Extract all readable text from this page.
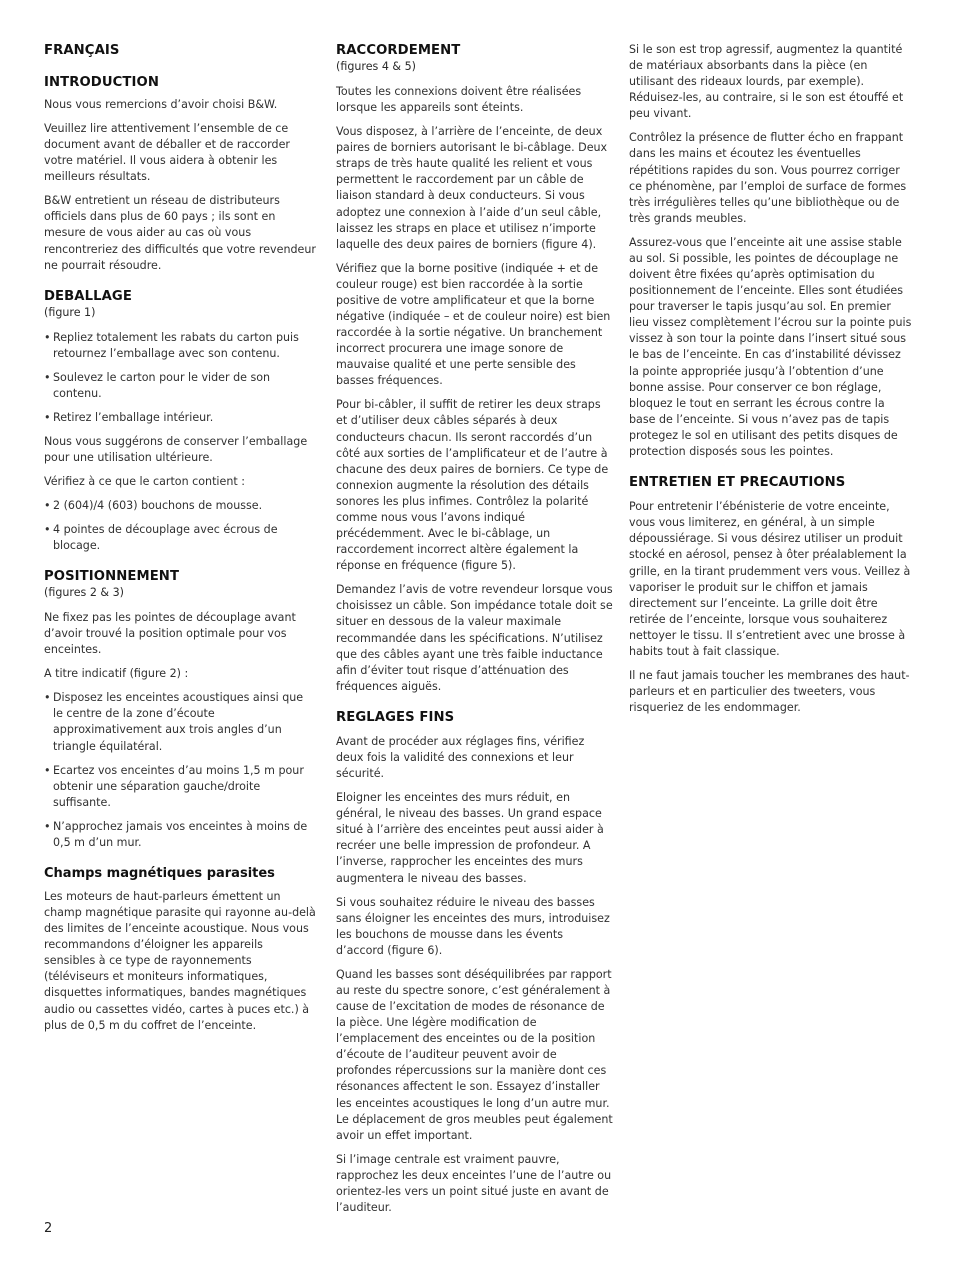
FRANÇAIS
INTRODUCTION

Nous vous remercions d’avoir choisi B&W.

Veuillez lire attentivement l’ensemble de ce document avant de déballer et de raccorder votre matériel. Il vous aidera à obtenir les meilleurs résultats.

B&W entretient un réseau de distributeurs officiels dans plus de 60 pays ; ils sont en mesure de vous aider au cas où vous rencontreriez des difficultés que votre revendeur ne pourrait résoudre.

DEBALLAGE
(figure 1)
• Repliez totalement les rabats du carton puis retournez l’emballage avec son contenu.
• Soulevez le carton pour le vider de son contenu.
• Retirez l’emballage intérieur.

Nous vous suggérons de conserver l’emballage pour une utilisation ultérieure.

Vérifiez à ce que le carton contient :

• 2 (604)/4 (603) bouchons de mousse.
• 4 pointes de découplage avec écrous de blocage.
POSITIONNEMENT
(figures 2 & 3)

Ne fixez pas les pointes de découplage avant d’avoir trouvé la position optimale pour vos enceintes.

A titre indicatif (figure 2) :

• Disposez les enceintes acoustiques ainsi que le centre de la zone d’écoute approximativement aux trois angles d’un triangle équilatéral.
• Ecartez vos enceintes d’au moins 1,5 m pour obtenir une séparation gauche/droite suffisante.
• N’approchez jamais vos enceintes à moins de 0,5 m d’un mur.
Champs magnétiques parasites

Les moteurs de haut-parleurs émettent un champ magnétique parasite qui rayonne au-delà des limites de l’enceinte acoustique. Nous vous recommandons d’éloigner les appareils sensibles à ce type de rayonnements (téléviseurs et moniteurs informatiques, disquettes informatiques, bandes magnétiques audio ou cassettes vidéo, cartes à puces etc.) à plus de 0,5 m du coffret de l’enceinte.

RACCORDEMENT
(figures 4 & 5)

Toutes les connexions doivent être réalisées lorsque les appareils sont éteints.

Vous disposez, à l’arrière de l’enceinte, de deux paires de borniers autorisant le bi-câblage. Deux straps de très haute qualité les relient et vous permettent le raccordement par un câble de liaison standard à deux conducteurs. Si vous adoptez une connexion à l’aide d’un seul câble, laissez les straps en place et utilisez n’importe laquelle des deux paires de borniers (figure 4).

Vérifiez que la borne positive (indiquée + et de couleur rouge) est bien raccordée à la sortie positive de votre amplificateur et que la borne négative (indiquée – et de couleur noire) est bien raccordée à la sortie négative. Un branchement incorrect procurera une image sonore de mauvaise qualité et une perte sensible des basses fréquences.

Pour bi-câbler, il suffit de retirer les deux straps et d’utiliser deux câbles séparés à deux conducteurs chacun. Ils seront raccordés d’un côté aux sorties de l’amplificateur et de l’autre à chacune des deux paires de borniers. Ce type de connexion augmente la résolution des détails sonores les plus infimes. Contrôlez la polarité comme nous vous l’avons indiqué précédemment. Avec le bi-câblage, un raccordement incorrect altère également la réponse en fréquence (figure 5).

Demandez l’avis de votre revendeur lorsque vous choisissez un câble. Son impédance totale doit se situer en dessous de la valeur maximale recommandée dans les spécifications. N’utilisez que des câbles ayant une très faible inductance afin d’éviter tout risque d’atténuation des fréquences aiguës.

REGLAGES FINS

Avant de procéder aux réglages fins, vérifiez deux fois la validité des connexions et leur sécurité.

Eloigner les enceintes des murs réduit, en général, le niveau des basses. Un grand espace situé à l’arrière des enceintes peut aussi aider à recréer une belle impression de profondeur. A l’inverse, rapprocher les enceintes des murs augmentera le niveau des basses.

Si vous souhaitez réduire le niveau des basses sans éloigner les enceintes des murs, introduisez les bouchons de mousse dans les évents d’accord (figure 6).

Quand les basses sont déséquilibrées par rapport au reste du spectre sonore, c’est généralement à cause de l’excitation de modes de résonance de la pièce. Une légère modification de l’emplacement des enceintes ou de la position d’écoute de l’auditeur peuvent avoir de profondes répercussions sur la manière dont ces résonances affectent le son. Essayez d’installer les enceintes acoustiques le long d’un autre mur. Le déplacement de gros meubles peut également avoir un effet important.

Si l’image centrale est vraiment pauvre, rapprochez les deux enceintes l’une de l’autre ou orientez-les vers un point situé juste en avant de l’auditeur.

Si le son est trop agressif, augmentez la quantité de matériaux absorbants dans la pièce (en utilisant des rideaux lourds, par exemple). Réduisez-les, au contraire, si le son est étouffé et peu vivant.

Contrôlez la présence de flutter écho en frappant dans les mains et écoutez les éventuelles répétitions rapides du son. Vous pourrez corriger ce phénomène, par l’emploi de surface de formes très irrégulières telles qu’une bibliothèque ou de très grands meubles.

Assurez-vous que l’enceinte ait une assise stable au sol. Si possible, les pointes de découplage ne doivent être fixées qu’après optimisation du positionnement de l’enceinte. Elles sont étudiées pour traverser le tapis jusqu’au sol. En premier lieu vissez complètement l’écrou sur la pointe puis vissez à son tour la pointe dans l’insert situé sous le bas de l’enceinte. En cas d’instabilité dévissez la pointe appropriée jusqu’à l’obtention d’une bonne assise. Pour conserver ce bon réglage, bloquez le tout en serrant les écrous contre la base de l’enceinte. Si vous n’avez pas de tapis protegez le sol en utilisant des petits disques de protection disposés sous les pointes.

ENTRETIEN ET PRECAUTIONS

Pour entretenir l’ébénisterie de votre enceinte, vous vous limiterez, en général, à un simple dépoussiérage. Si vous désirez utiliser un produit stocké en aérosol, pensez à ôter préalablement la grille, en la tirant prudemment vers vous. Veillez à vaporiser le produit sur le chiffon et jamais directement sur l’enceinte. La grille doit être retirée de l’enceinte, lorsque vous souhaiterez nettoyer le tissu. Il s’entretient avec une brosse à habits tout à fait classique.

Il ne faut jamais toucher les membranes des haut-parleurs et en particulier des tweeters, vous risqueriez de les endommager.

2
